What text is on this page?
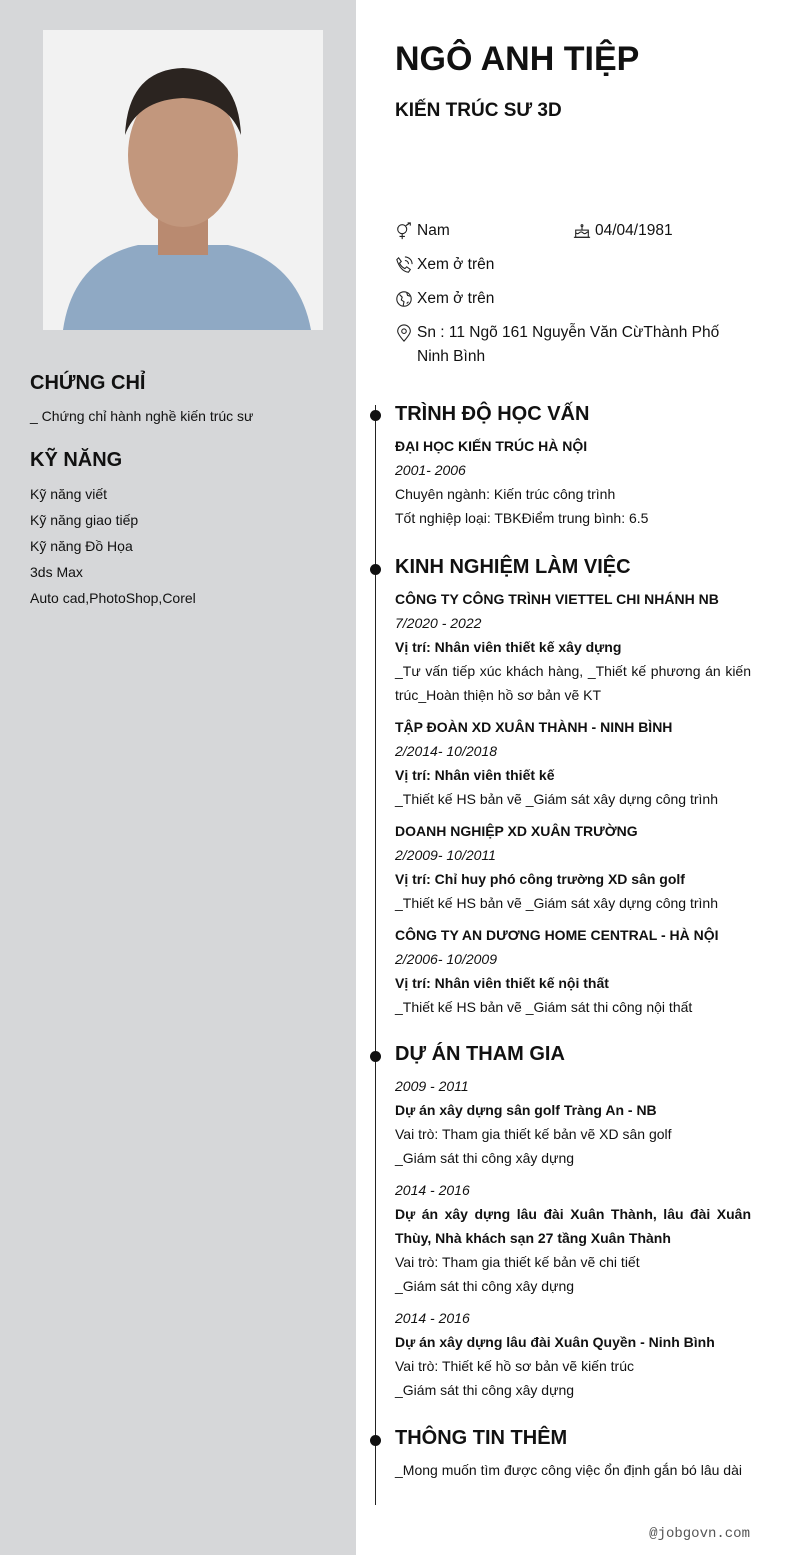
CHỨNG CHỈ
_ Chứng chỉ hành nghề kiến trúc sư
KỸ NĂNG
Kỹ năng viết
Kỹ năng giao tiếp
Kỹ năng Đồ Họa
3ds Max
Auto cad,PhotoShop,Corel
NGÔ ANH TIỆP
KIẾN TRÚC SƯ 3D
Nam	04/04/1981
Xem ở trên
Xem ở trên
Sn : 11 Ngõ 161 Nguyễn Văn CừThành Phố Ninh Bình
TRÌNH ĐỘ HỌC VẤN
ĐẠI HỌC KIẾN TRÚC HÀ NỘI
2001- 2006
Chuyên ngành: Kiến trúc công trình
Tốt nghiệp loại: TBKĐiểm trung bình: 6.5
KINH NGHIỆM LÀM VIỆC
CÔNG TY CÔNG TRÌNH VIETTEL CHI NHÁNH NB
7/2020 - 2022
Vị trí: Nhân viên thiết kế xây dựng
_Tư vấn tiếp xúc khách hàng, _Thiết kế phương án kiến trúc_Hoàn thiện hồ sơ bản vẽ KT
TẬP ĐOÀN XD XUÂN THÀNH - NINH BÌNH
2/2014- 10/2018
Vị trí: Nhân viên thiết kế
_Thiết kế HS bản vẽ _Giám sát xây dựng công trình
DOANH NGHIỆP XD XUÂN TRƯỜNG
2/2009- 10/2011
Vị trí: Chỉ huy phó công trường XD sân golf
_Thiết kế HS bản vẽ _Giám sát xây dựng công trình
CÔNG TY AN DƯƠNG HOME CENTRAL - HÀ NỘI
2/2006- 10/2009
Vị trí: Nhân viên thiết kế nội thất
_Thiết kế HS bản vẽ _Giám sát thi công nội thất
DỰ ÁN THAM GIA
2009 - 2011
Dự án xây dựng sân golf Tràng An - NB
Vai trò: Tham gia thiết kế bản vẽ XD sân golf
_Giám sát thi công xây dựng
2014 - 2016
Dự án xây dựng lâu đài Xuân Thành, lâu đài Xuân Thùy, Nhà khách sạn 27 tầng Xuân Thành
Vai trò: Tham gia thiết kế bản vẽ chi tiết
_Giám sát thi công xây dựng
2014 - 2016
Dự án xây dựng lâu đài Xuân Quyền - Ninh Bình
Vai trò: Thiết kế hồ sơ bản vẽ kiến trúc
_Giám sát thi công xây dựng
THÔNG TIN THÊM
_Mong muốn tìm được công việc ổn định gắn bó lâu dài
@jobgovn.com
